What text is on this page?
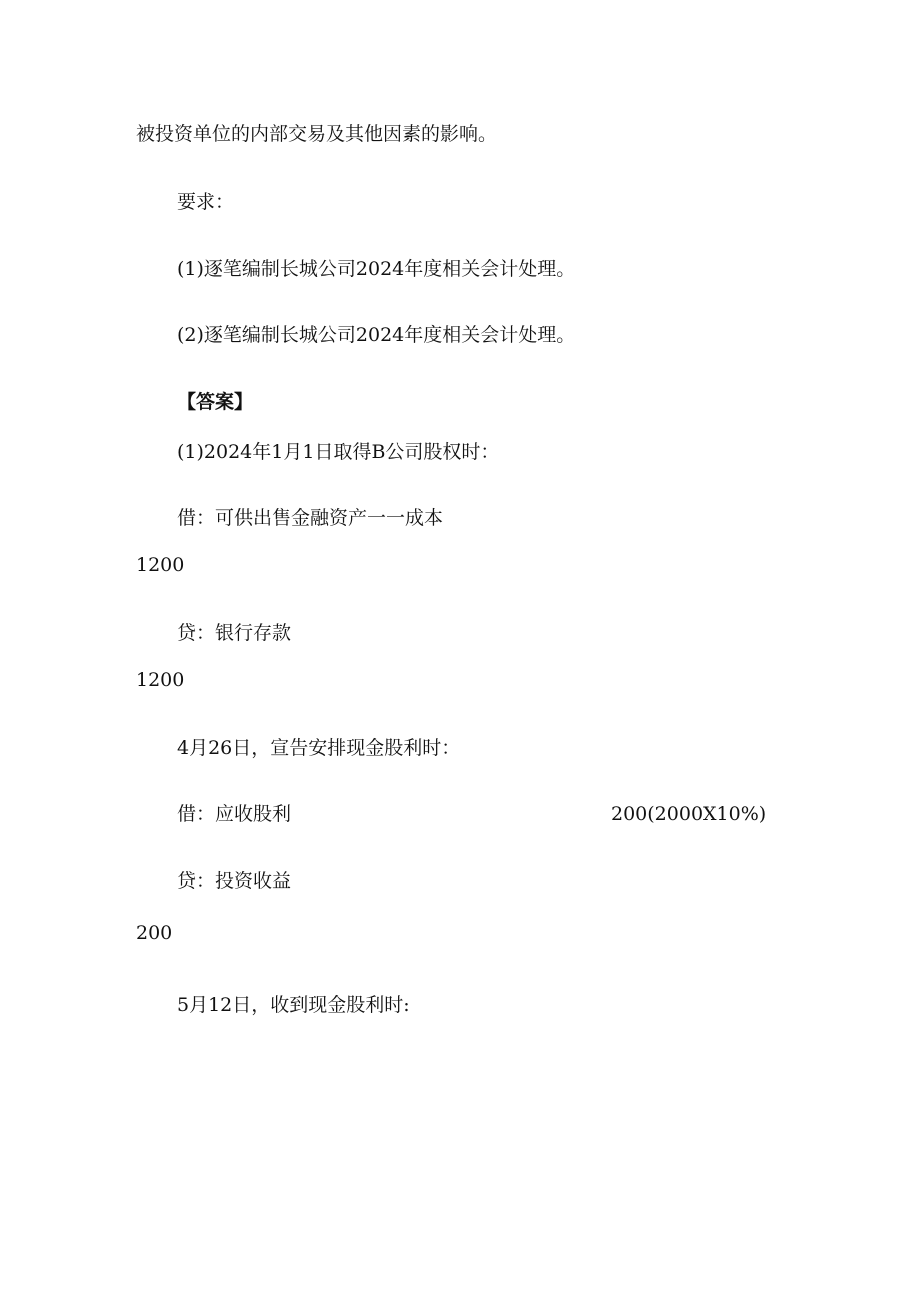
被投资单位的内部交易及其他因素的影响。
要求：
(1)逐笔编制长城公司2024年度相关会计处理。
(2)逐笔编制长城公司2024年度相关会计处理。
【答案】
(1)2024年1月1日取得B公司股权时：
借：可供出售金融资产一一成本
1200
贷：银行存款
1200
4月26日，宣告安排现金股利时：
借：应收股利	200(2000X10%)
贷：投资收益
200
5月12日，收到现金股利时:
